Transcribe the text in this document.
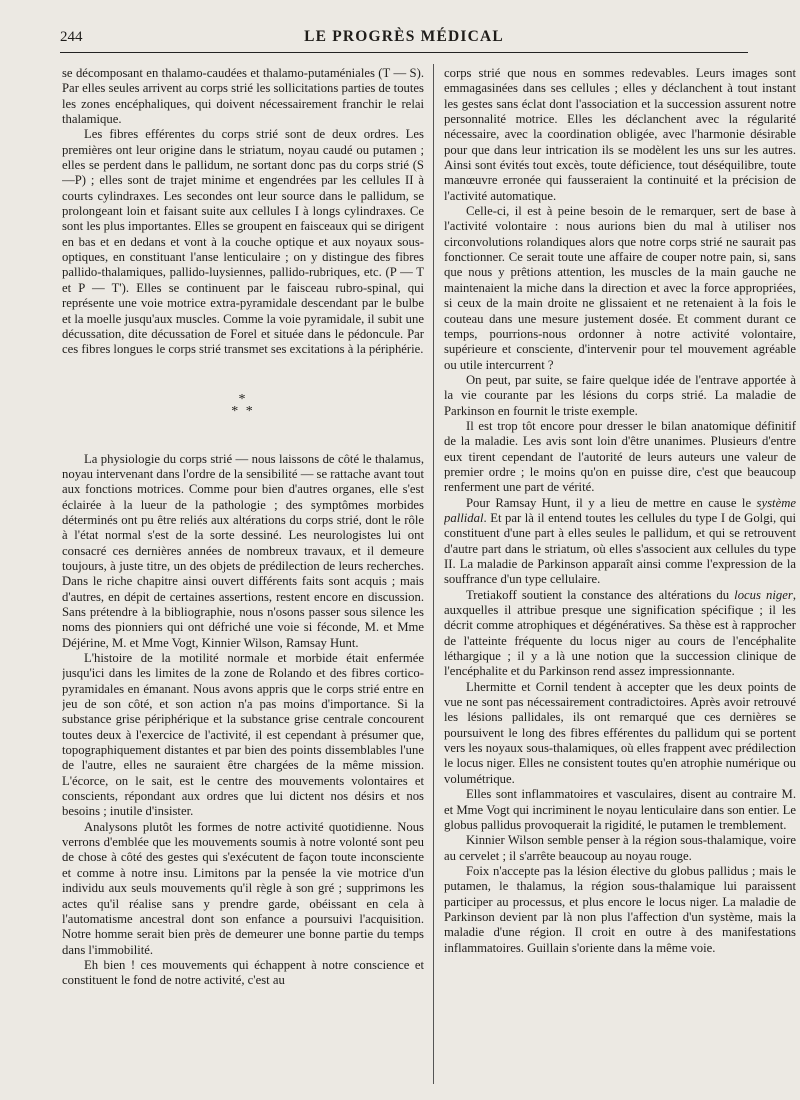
244	LE PROGRÈS MÉDICAL

se décomposant en thalamo-caudées et thalamo-putaméniales (T — S). Par elles seules arrivent au corps strié les sollicitations parties de toutes les zones encéphaliques, qui doivent nécessairement franchir le relai thalamique.

Les fibres efférentes du corps strié sont de deux ordres. Les premières ont leur origine dans le striatum, noyau caudé ou putamen ; elles se perdent dans le pallidum, ne sortant donc pas du corps strié (S—P) ; elles sont de trajet minime et engendrées par les cellules II à courts cylindraxes. Les secondes ont leur source dans le pallidum, se prolongeant loin et faisant suite aux cellules I à longs cylindraxes. Ce sont les plus importantes. Elles se groupent en faisceaux qui se dirigent en bas et en dedans et vont à la couche optique et aux noyaux sous-optiques, en constituant l'anse lenticulaire ; on y distingue des fibres pallido-thalamiques, pallido-luysiennes, pallido-rubriques, etc. (P — T et P — T'). Elles se continuent par le faisceau rubro-spinal, qui représente une voie motrice extra-pyramidale descendant par le bulbe et la moelle jusqu'aux muscles. Comme la voie pyramidale, il subit une décussation, dite décussation de Forel et située dans le pédoncule. Par ces fibres longues le corps strié transmet ses excitations à la périphérie.

*
* *

La physiologie du corps strié — nous laissons de côté le thalamus, noyau intervenant dans l'ordre de la sensibilité — se rattache avant tout aux fonctions motrices. Comme pour bien d'autres organes, elle s'est éclairée à la lueur de la pathologie ; des symptômes morbides déterminés ont pu être reliés aux altérations du corps strié, dont le rôle à l'état normal s'est de la sorte dessiné. Les neurologistes lui ont consacré ces dernières années de nombreux travaux, et il demeure toujours, à juste titre, un des objets de prédilection de leurs recherches. Dans le riche chapitre ainsi ouvert différents faits sont acquis ; mais d'autres, en dépit de certaines assertions, restent encore en discussion. Sans prétendre à la bibliographie, nous n'osons passer sous silence les noms des pionniers qui ont défriché une voie si féconde, M. et Mme Déjérine, M. et Mme Vogt, Kinnier Wilson, Ramsay Hunt.

L'histoire de la motilité normale et morbide était enfermée jusqu'ici dans les limites de la zone de Rolando et des fibres cortico-pyramidales en émanant. Nous avons appris que le corps strié entre en jeu de son côté, et son action n'a pas moins d'importance. Si la substance grise périphérique et la substance grise centrale concourent toutes deux à l'exercice de l'activité, il est cependant à présumer que, topographiquement distantes et par bien des points dissemblables l'une de l'autre, elles ne sauraient être chargées de la même mission. L'écorce, on le sait, est le centre des mouvements volontaires et conscients, répondant aux ordres que lui dictent nos désirs et nos besoins ; inutile d'insister.

Analysons plutôt les formes de notre activité quotidienne. Nous verrons d'emblée que les mouvements soumis à notre volonté sont peu de chose à côté des gestes qui s'exécutent de façon toute inconsciente et comme à notre insu. Limitons par la pensée la vie motrice d'un individu aux seuls mouvements qu'il règle à son gré ; supprimons les actes qu'il réalise sans y prendre garde, obéissant en cela à l'automatisme ancestral dont son enfance a poursuivi l'acquisition. Notre homme serait bien près de demeurer une bonne partie du temps dans l'immobilité.

Eh bien ! ces mouvements qui échappent à notre conscience et constituent le fond de notre activité, c'est au

corps strié que nous en sommes redevables. Leurs images sont emmagasinées dans ses cellules ; elles y déclanchent à tout instant les gestes sans éclat dont l'association et la succession assurent notre personnalité motrice. Elles les déclanchent avec la régularité nécessaire, avec la coordination obligée, avec l'harmonie désirable pour que dans leur intrication ils se modèlent les uns sur les autres. Ainsi sont évités tout excès, toute déficience, tout déséquilibre, toute manœuvre erronée qui fausseraient la continuité et la précision de l'activité automatique.

Celle-ci, il est à peine besoin de le remarquer, sert de base à l'activité volontaire : nous aurions bien du mal à utiliser nos circonvolutions rolandiques alors que notre corps strié ne saurait pas fonctionner. Ce serait toute une affaire de couper notre pain, si, sans que nous y prêtions attention, les muscles de la main gauche ne maintenaient la miche dans la direction et avec la force appropriées, si ceux de la main droite ne glissaient et ne retenaient à la fois le couteau dans une mesure justement dosée. Et comment durant ce temps, pourrions-nous ordonner à notre activité volontaire, supérieure et consciente, d'intervenir pour tel mouvement agréable ou utile intercurrent ?

On peut, par suite, se faire quelque idée de l'entrave apportée à la vie courante par les lésions du corps strié. La maladie de Parkinson en fournit le triste exemple.

Il est trop tôt encore pour dresser le bilan anatomique définitif de la maladie. Les avis sont loin d'être unanimes. Plusieurs d'entre eux tirent cependant de l'autorité de leurs auteurs une valeur de premier ordre ; le moins qu'on en puisse dire, c'est que beaucoup renferment une part de vérité.

Pour Ramsay Hunt, il y a lieu de mettre en cause le système pallidal. Et par là il entend toutes les cellules du type I de Golgi, qui constituent d'une part à elles seules le pallidum, et qui se retrouvent d'autre part dans le striatum, où elles s'associent aux cellules du type II. La maladie de Parkinson apparaît ainsi comme l'expression de la souffrance d'un type cellulaire.

Tretiakoff soutient la constance des altérations du locus niger, auxquelles il attribue presque une signification spécifique ; il les décrit comme atrophiques et dégénératives. Sa thèse est à rapprocher de l'atteinte fréquente du locus niger au cours de l'encéphalite léthargique ; il y a là une notion que la succession clinique de l'encéphalite et du Parkinson rend assez impressionnante.

Lhermitte et Cornil tendent à accepter que les deux points de vue ne sont pas nécessairement contradictoires. Après avoir retrouvé les lésions pallidales, ils ont remarqué que ces dernières se poursuivent le long des fibres efférentes du pallidum qui se portent vers les noyaux sous-thalamiques, où elles frappent avec prédilection le locus niger. Elles ne consistent toutes qu'en atrophie numérique ou volumétrique.

Elles sont inflammatoires et vasculaires, disent au contraire M. et Mme Vogt qui incriminent le noyau lenticulaire dans son entier. Le globus pallidus provoquerait la rigidité, le putamen le tremblement.

Kinnier Wilson semble penser à la région sous-thalamique, voire au cervelet ; il s'arrête beaucoup au noyau rouge.

Foix n'accepte pas la lésion élective du globus pallidus ; mais le putamen, le thalamus, la région sous-thalamique lui paraissent participer au processus, et plus encore le locus niger. La maladie de Parkinson devient par là non plus l'affection d'un système, mais la maladie d'une région. Il croit en outre à des manifestations inflammatoires. Guillain s'oriente dans la même voie.
